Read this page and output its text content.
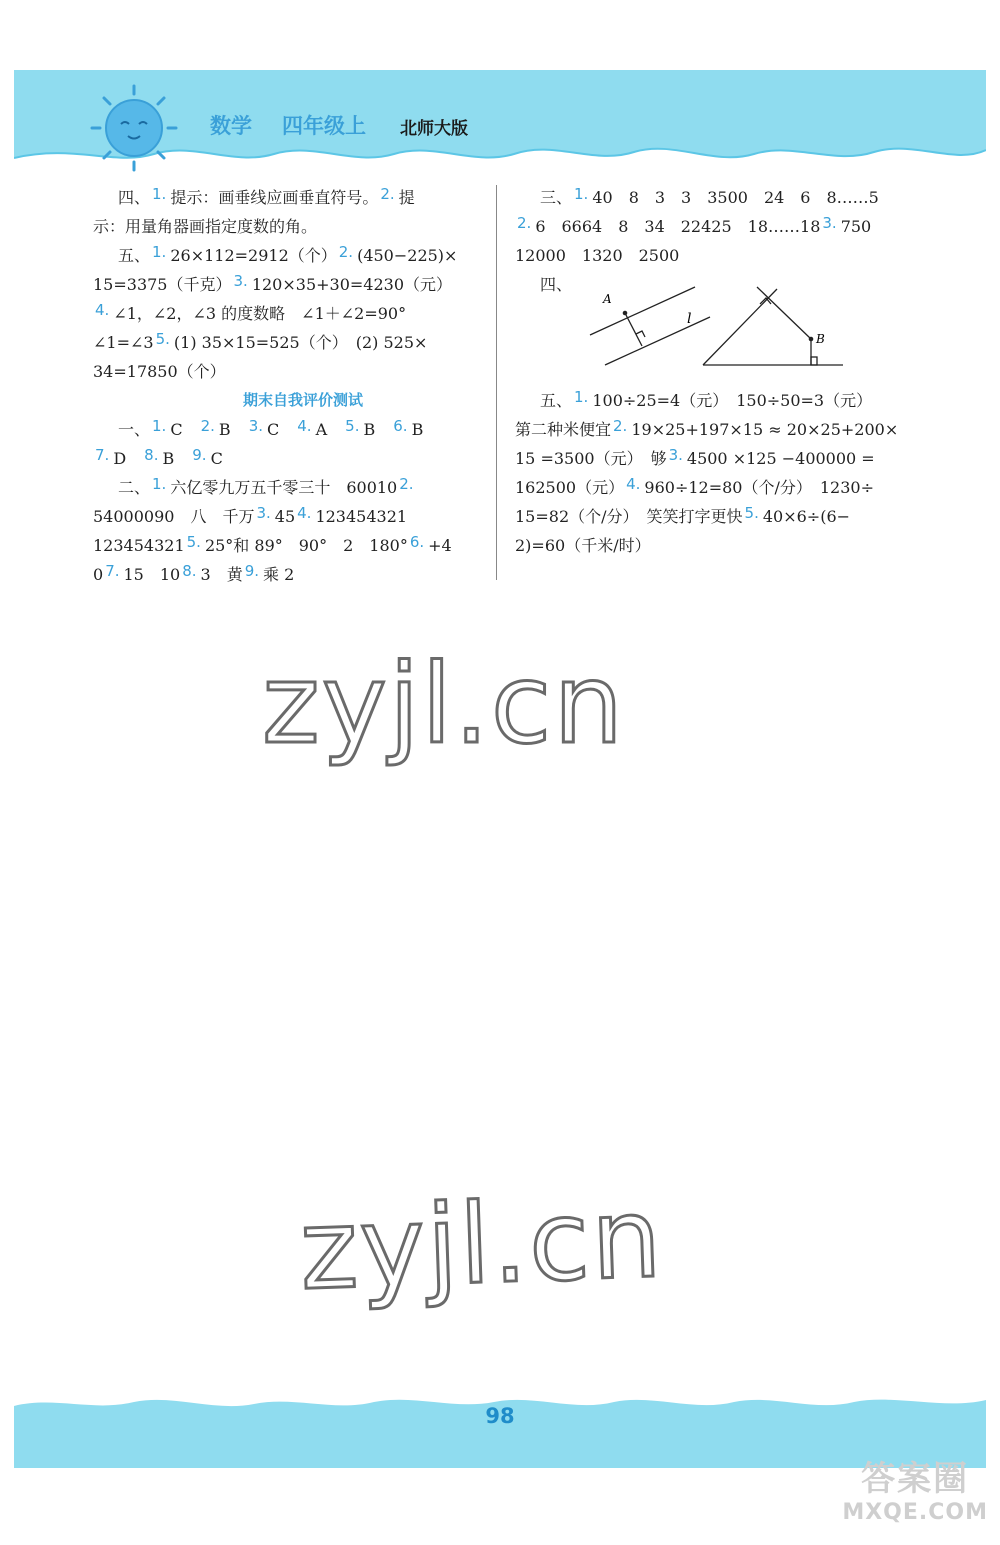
数学 四年级上 北师大版
四、 1. 提示：画垂线应画垂直符号。 2. 提
示：用量角器画指定度数的角。
五、 1. 26×112=2912（个） 2. (450−225)×
15=3375（千克） 3. 120×35+30=4230（元）
4. ∠1，∠2，∠3 的度数略　∠1＋∠2=90°
∠1=∠3 5. (1) 35×15=525（个）　(2) 525×
34=17850（个）
期末自我评价测试
一、 1. C　 2. B　 3. C　 4. A　 5. B　 6. B
7. D　 8. B　 9. C
二、 1. 六亿零九万五千零三十　60010 2.
54000090　八　千万 3. 45 4. 123454321
123454321 5. 25°和 89°　90°　2　180° 6. +4
0 7. 15　10 8. 3　黄 9. 乘 2
三、 1. 40　8　3　3　3500　24　6　8……5
2. 6　6664　8　34　22425　18……18 3. 750
12000　1320　2500
四、
五、 1. 100÷25=4（元）　150÷50=3（元）
第二种米便宜 2. 19×25+197×15 ≈ 20×25+200×
15 =3500（元）　够 3. 4500 ×125 −400000 =
162500（元） 4. 960÷12=80（个/分）　1230÷
15=82（个/分）　笑笑打字更快 5. 40×6÷(6−
2)=60（千米/时）
A
l
B
zyjl.cn
zyjl.cn
98
答案圈
MXQE.COM
